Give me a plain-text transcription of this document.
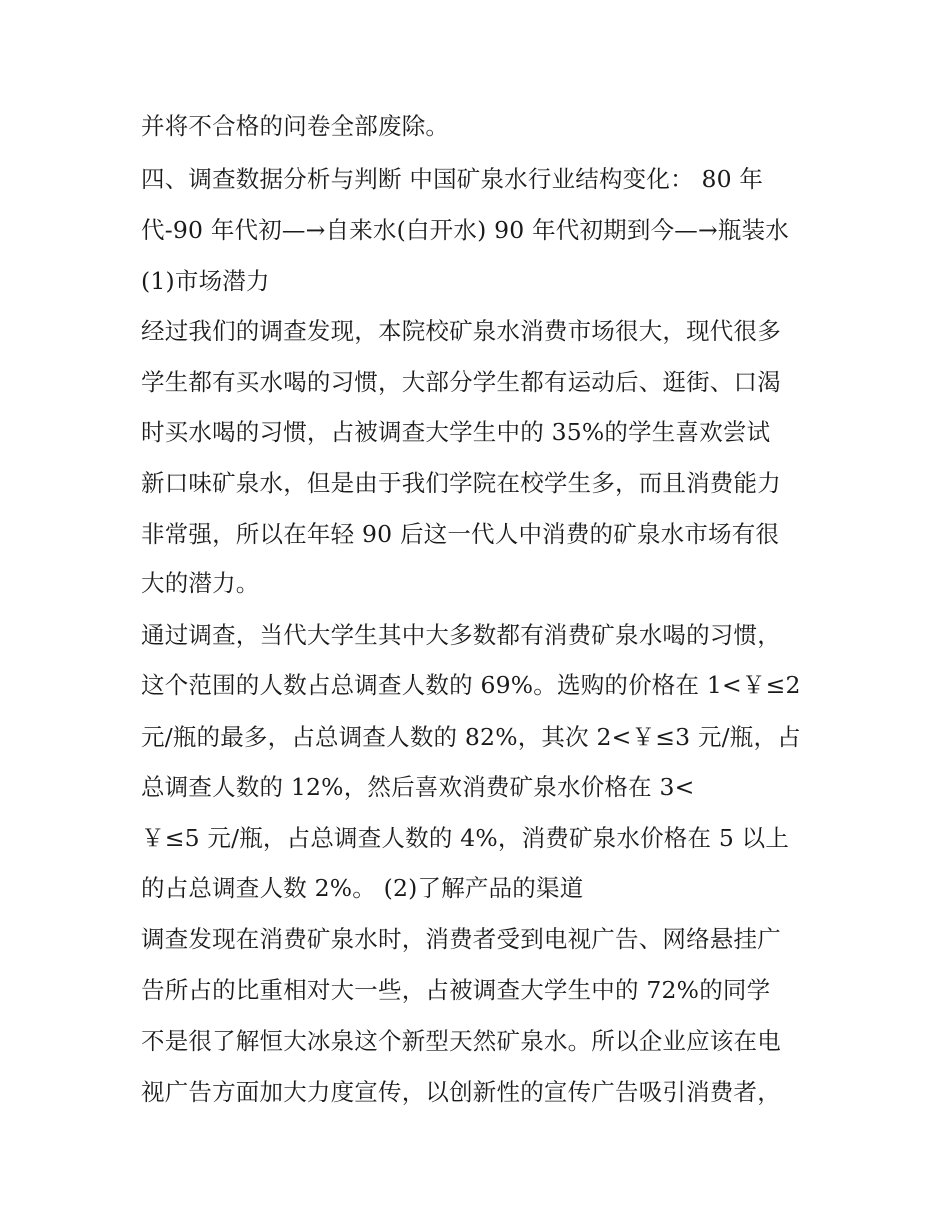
并将不合格的问卷全部废除。
四、调查数据分析与判断 中国矿泉水行业结构变化： 80 年
代-90 年代初—→自来水(白开水) 90 年代初期到今—→瓶装水
(1)市场潜力
经过我们的调查发现，本院校矿泉水消费市场很大，现代很多
学生都有买水喝的习惯，大部分学生都有运动后、逛街、口渴
时买水喝的习惯，占被调查大学生中的 35%的学生喜欢尝试
新口味矿泉水，但是由于我们学院在校学生多，而且消费能力
非常强，所以在年轻 90 后这一代人中消费的矿泉水市场有很
大的潜力。
通过调查，当代大学生其中大多数都有消费矿泉水喝的习惯，
这个范围的人数占总调查人数的 69%。选购的价格在 1<￥≤2
元/瓶的最多，占总调查人数的 82%，其次 2<￥≤3 元/瓶，占
总调查人数的 12%，然后喜欢消费矿泉水价格在 3<
￥≤5 元/瓶，占总调查人数的 4%，消费矿泉水价格在 5 以上
的占总调查人数 2%。 (2)了解产品的渠道
调查发现在消费矿泉水时，消费者受到电视广告、网络悬挂广
告所占的比重相对大一些，占被调查大学生中的 72%的同学
不是很了解恒大冰泉这个新型天然矿泉水。所以企业应该在电
视广告方面加大力度宣传，以创新性的宣传广告吸引消费者，
